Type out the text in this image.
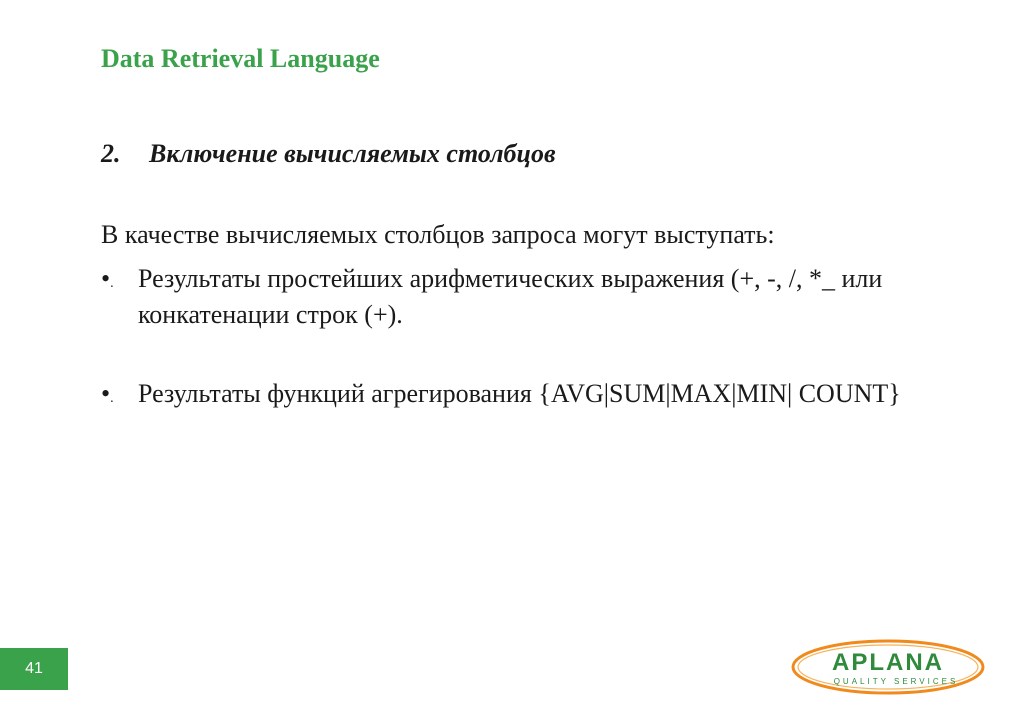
Data Retrieval Language
2. Включение вычисляемых столбцов
В качестве вычисляемых столбцов запроса могут выступать:
•. Результаты простейших арифметических выражения (+, -, /, *_ или конкатенации строк (+).
•. Результаты функций агрегирования {AVG|SUM|MAX|MIN| COUNT}
41	APLANA
QUALITY SERVICES
